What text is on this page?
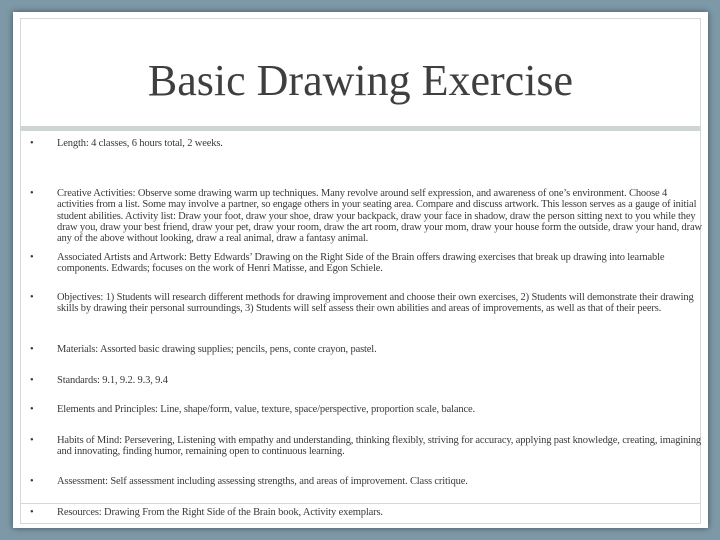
Basic Drawing Exercise
• Length: 4 classes, 6 hours total, 2 weeks.
• Creative Activities: Observe some drawing warm up techniques. Many revolve around self expression, and awareness of one’s environment. Choose 4 activities from a list. Some may involve a partner, so engage others in your seating area. Compare and discuss artwork. This lesson serves as a gauge of initial student abilities. Activity list: Draw your foot, draw your shoe, draw your backpack, draw your face in shadow, draw the person sitting next to you while they draw you, draw your best friend, draw your pet, draw your room, draw the art room, draw your mom, draw your house form the outside, draw your hand, draw any of the above without looking, draw a real animal, draw a fantasy animal.
• Associated Artists and Artwork: Betty Edwards’ Drawing on the Right Side of the Brain offers drawing exercises that break up drawing into learnable components. Edwards; focuses on the work of Henri Matisse, and Egon Schiele.
• Objectives: 1) Students will research different methods for drawing improvement and choose their own exercises, 2) Students will demonstrate their drawing skills by drawing their personal surroundings, 3) Students will self assess their own abilities and areas of improvements, as well as that of their peers.
• Materials: Assorted basic drawing supplies; pencils, pens, conte crayon, pastel.
• Standards: 9.1, 9.2. 9.3, 9.4
• Elements and Principles: Line, shape/form, value, texture, space/perspective, proportion scale, balance.
• Habits of Mind: Persevering, Listening with empathy and understanding, thinking flexibly, striving for accuracy, applying past knowledge, creating, imagining and innovating, finding humor, remaining open to continuous learning.
• Assessment: Self assessment including assessing strengths, and areas of improvement. Class critique.
• Resources: Drawing From the Right Side of the Brain book, Activity exemplars.
